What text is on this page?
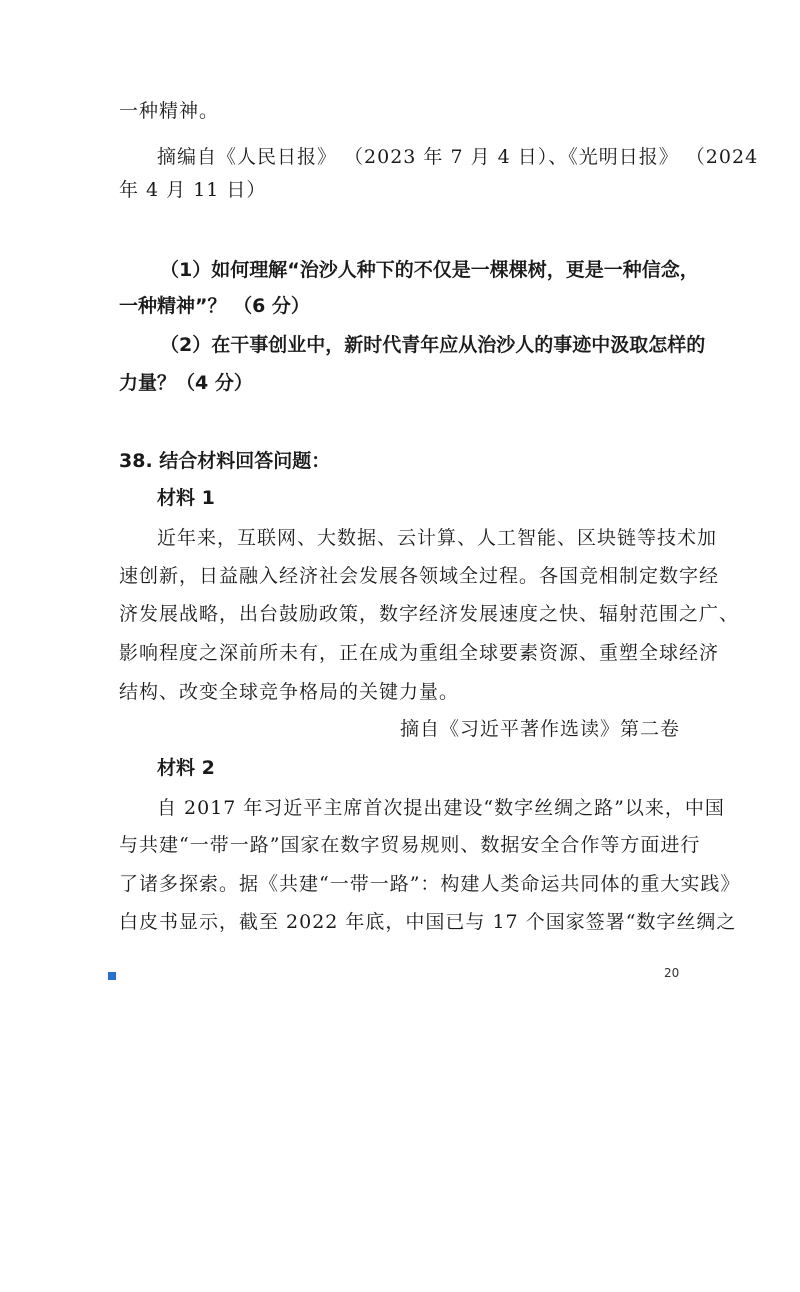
一种精神。
摘编自《人民日报》 （2023 年 7 月 4 日）、《光明日报》 （2024
年 4 月 11 日）
（1）如何理解“治沙人种下的不仅是一棵棵树，更是一种信念，
一种精神”？ （6 分）
（2）在干事创业中，新时代青年应从治沙人的事迹中汲取怎样的
力量？（4 分）
38. 结合材料回答问题：
材料 1
近年来，互联网、大数据、云计算、人工智能、区块链等技术加
速创新，日益融入经济社会发展各领域全过程。各国竞相制定数字经
济发展战略，出台鼓励政策，数字经济发展速度之快、辐射范围之广、
影响程度之深前所未有，正在成为重组全球要素资源、重塑全球经济
结构、改变全球竞争格局的关键力量。
摘自《习近平著作选读》第二卷
材料 2
自 2017 年习近平主席首次提出建设“数字丝绸之路”以来，中国
与共建“一带一路”国家在数字贸易规则、数据安全合作等方面进行
了诸多探索。据《共建“一带一路”：构建人类命运共同体的重大实践》
白皮书显示，截至 2022 年底，中国已与 17 个国家签署“数字丝绸之
20
